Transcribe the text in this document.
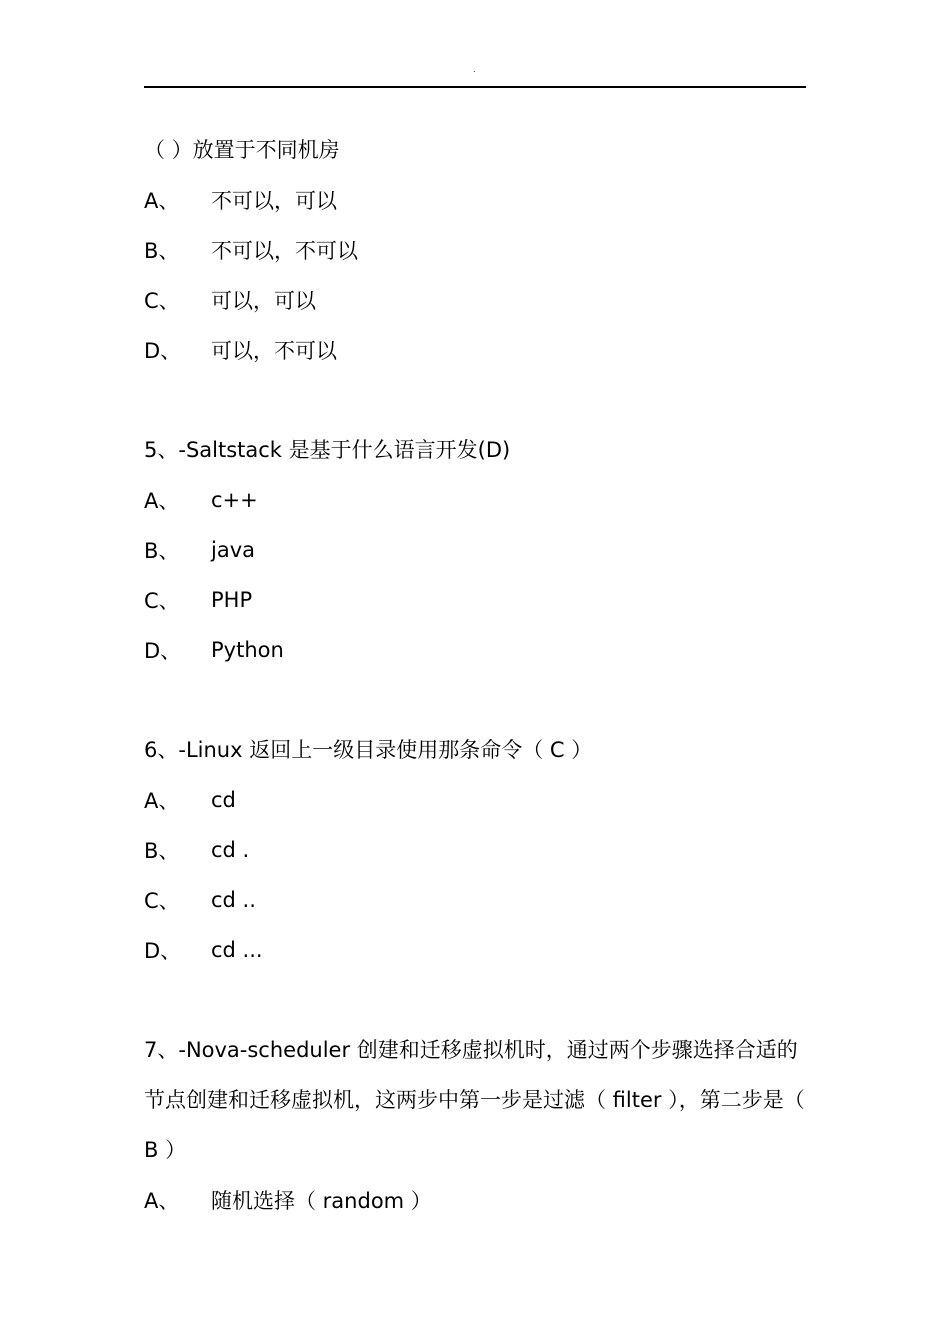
.

（ ）放置于不同机房

A、	不可以，可以
B、	不可以，不可以
C、	可以，可以
D、	可以，不可以

5、-Saltstack 是基于什么语言开发(D)

A、	c++
B、	java
C、	PHP
D、	Python

6、-Linux 返回上一级目录使用那条命令（ C ）

A、	cd
B、	cd .
C、	cd ..
D、	cd ...

7、-Nova-scheduler 创建和迁移虚拟机时，通过两个步骤选择合适的节点创建和迁移虚拟机，这两步中第一步是过滤（ filter ），第二步是（ B ）

A、	随机选择（ random ）
